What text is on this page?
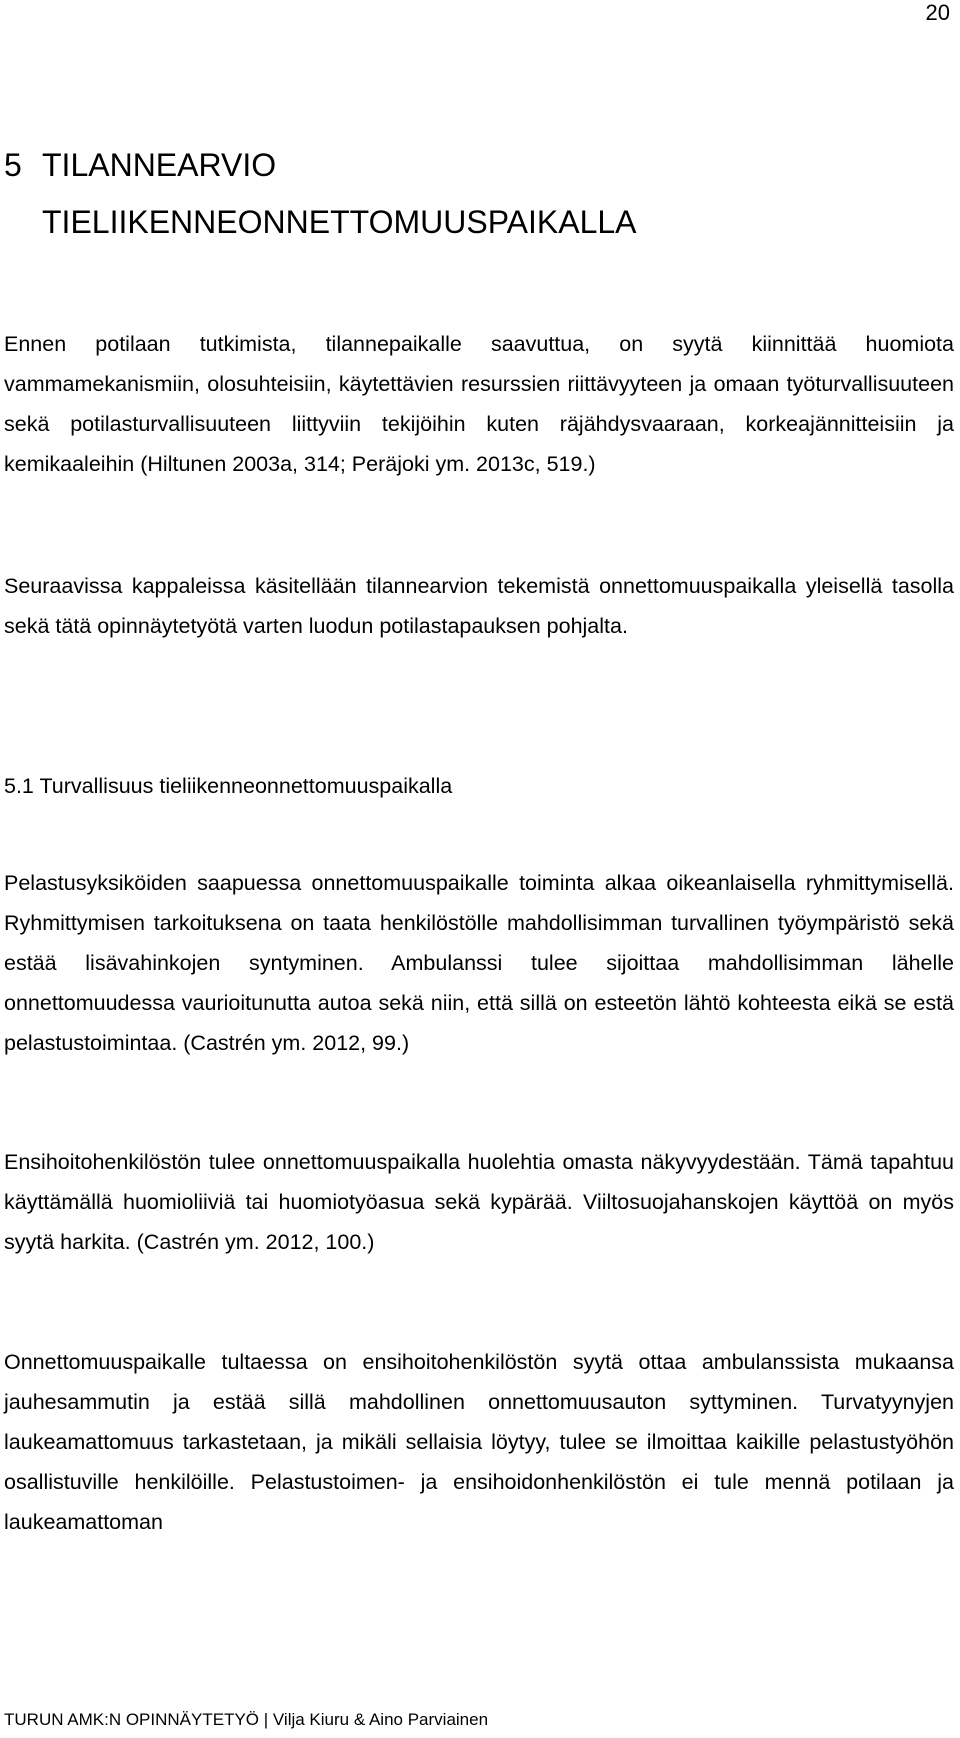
20
5 TILANNEARVIO
TIELIIKENNEONNETTOMUUSPAIKALLA

Ennen potilaan tutkimista, tilannepaikalle saavuttua, on syytä kiinnittää huomiota vammamekanismiin, olosuhteisiin, käytettävien resurssien riittävyyteen ja omaan työturvallisuuteen sekä potilasturvallisuuteen liittyviin tekijöihin kuten räjähdysvaaraan, korkeajännitteisiin ja kemikaaleihin (Hiltunen 2003a, 314; Peräjoki ym. 2013c, 519.)

Seuraavissa kappaleissa käsitellään tilannearvion tekemistä onnettomuuspaikalla yleisellä tasolla sekä tätä opinnäytetyötä varten luodun potilastapauksen pohjalta.

5.1 Turvallisuus tieliikenneonnettomuuspaikalla

Pelastusyksiköiden saapuessa onnettomuuspaikalle toiminta alkaa oikeanlaisella ryhmittymisellä. Ryhmittymisen tarkoituksena on taata henkilöstölle mahdollisimman turvallinen työympäristö sekä estää lisävahinkojen syntyminen. Ambulanssi tulee sijoittaa mahdollisimman lähelle onnettomuudessa vaurioitunutta autoa sekä niin, että sillä on esteetön lähtö kohteesta eikä se estä pelastustoimintaa. (Castrén ym. 2012, 99.)

Ensihoitohenkilöstön tulee onnettomuuspaikalla huolehtia omasta näkyvyydestään. Tämä tapahtuu käyttämällä huomioliiviä tai huomiotyöasua sekä kypärää. Viiltosuojahanskojen käyttöä on myös syytä harkita. (Castrén ym. 2012, 100.)

Onnettomuuspaikalle tultaessa on ensihoitohenkilöstön syytä ottaa ambulanssista mukaansa jauhesammutin ja estää sillä mahdollinen onnettomuusauton syttyminen. Turvatyynyjen laukeamattomuus tarkastetaan, ja mikäli sellaisia löytyy, tulee se ilmoittaa kaikille pelastustyöhön osallistuville henkilöille. Pelastustoimen- ja ensihoidonhenkilöstön ei tule mennä potilaan ja laukeamattoman

TURUN AMK:N OPINNÄYTETYÖ | Vilja Kiuru & Aino Parviainen
